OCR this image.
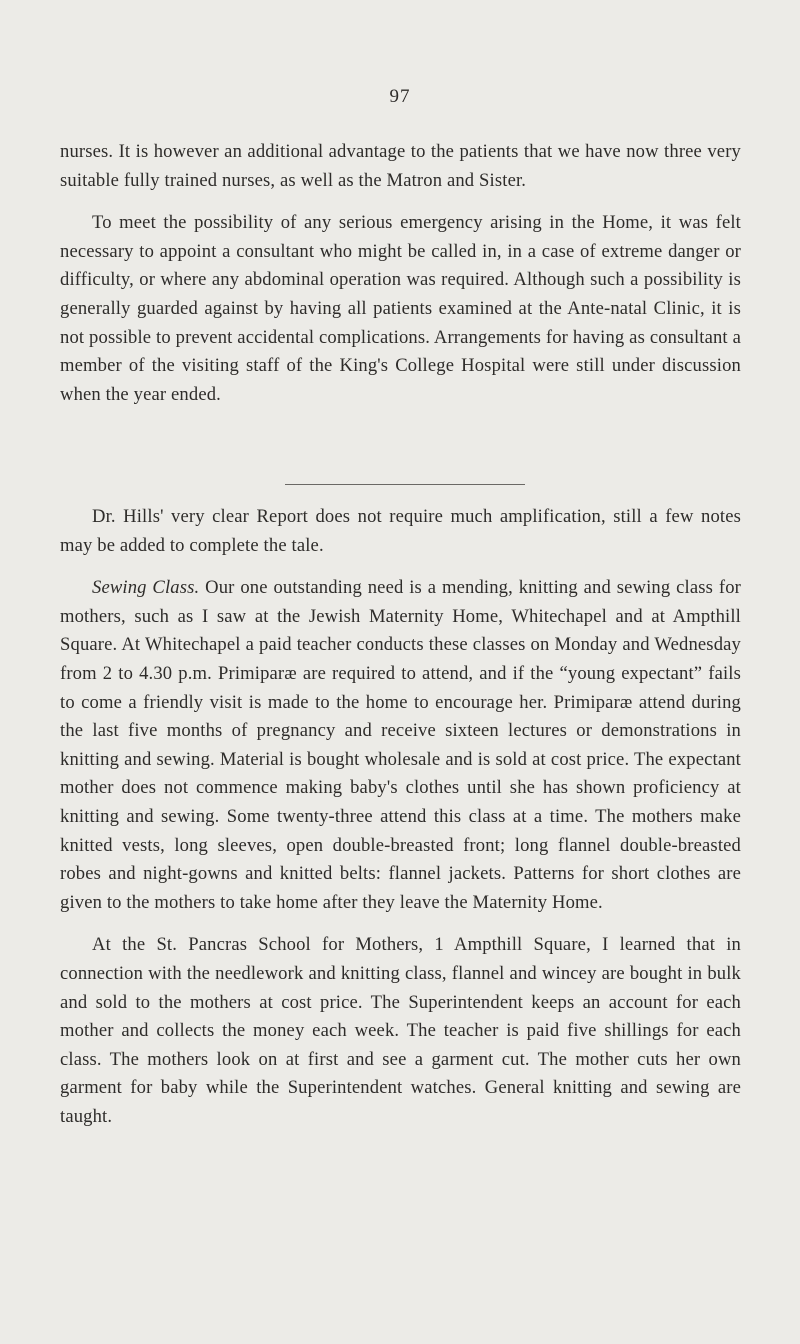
97

nurses. It is however an additional advantage to the patients that we have now three very suitable fully trained nurses, as well as the Matron and Sister.

To meet the possibility of any serious emergency arising in the Home, it was felt necessary to appoint a consultant who might be called in, in a case of extreme danger or difficulty, or where any abdominal operation was required. Although such a possibility is generally guarded against by having all patients examined at the Ante-natal Clinic, it is not possible to prevent accidental complications. Arrangements for having as consultant a member of the visiting staff of the King's College Hospital were still under discussion when the year ended.

Dr. Hills' very clear Report does not require much amplification, still a few notes may be added to complete the tale.

Sewing Class. Our one outstanding need is a mending, knitting and sewing class for mothers, such as I saw at the Jewish Maternity Home, Whitechapel and at Ampthill Square. At Whitechapel a paid teacher conducts these classes on Monday and Wednesday from 2 to 4.30 p.m. Primiparæ are required to attend, and if the “young expectant” fails to come a friendly visit is made to the home to encourage her. Primiparæ attend during the last five months of pregnancy and receive sixteen lectures or demonstrations in knitting and sewing. Material is bought wholesale and is sold at cost price. The expectant mother does not commence making baby's clothes until she has shown proficiency at knitting and sewing. Some twenty-three attend this class at a time. The mothers make knitted vests, long sleeves, open double-breasted front; long flannel double-breasted robes and night-gowns and knitted belts: flannel jackets. Patterns for short clothes are given to the mothers to take home after they leave the Maternity Home.

At the St. Pancras School for Mothers, 1 Ampthill Square, I learned that in connection with the needlework and knitting class, flannel and wincey are bought in bulk and sold to the mothers at cost price. The Superintendent keeps an account for each mother and collects the money each week. The teacher is paid five shillings for each class. The mothers look on at first and see a garment cut. The mother cuts her own garment for baby while the Superintendent watches. General knitting and sewing are taught.
